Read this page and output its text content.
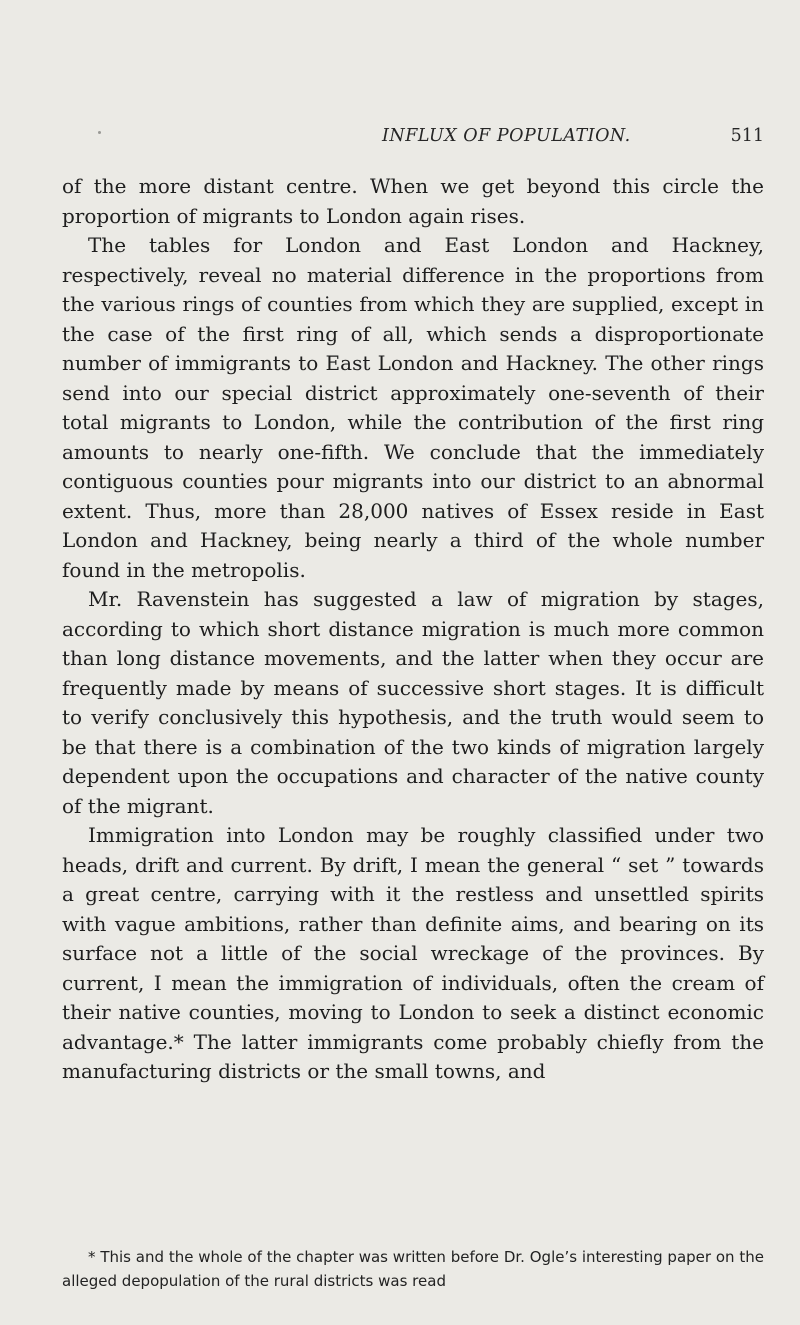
INFLUX OF POPULATION.	511

of the more distant centre. When we get beyond this circle the proportion of migrants to London again rises.

The tables for London and East London and Hackney, respectively, reveal no material difference in the proportions from the various rings of counties from which they are supplied, except in the case of the first ring of all, which sends a disproportionate number of immigrants to East London and Hackney. The other rings send into our special district approximately one-seventh of their total migrants to London, while the contribution of the first ring amounts to nearly one-fifth. We conclude that the immediately contiguous counties pour migrants into our district to an abnormal extent. Thus, more than 28,000 natives of Essex reside in East London and Hackney, being nearly a third of the whole number found in the metropolis.

Mr. Ravenstein has suggested a law of migration by stages, according to which short distance migration is much more common than long distance movements, and the latter when they occur are frequently made by means of successive short stages. It is difficult to verify conclusively this hypothesis, and the truth would seem to be that there is a combination of the two kinds of migration largely dependent upon the occupations and character of the native county of the migrant.

Immigration into London may be roughly classified under two heads, drift and current. By drift, I mean the general “ set ” towards a great centre, carrying with it the restless and unsettled spirits with vague ambitions, rather than definite aims, and bearing on its surface not a little of the social wreckage of the provinces. By current, I mean the immigration of individuals, often the cream of their native counties, moving to London to seek a distinct economic advantage.* The latter immigrants come probably chiefly from the manufacturing districts or the small towns, and

* This and the whole of the chapter was written before Dr. Ogle’s interesting paper on the alleged depopulation of the rural districts was read
